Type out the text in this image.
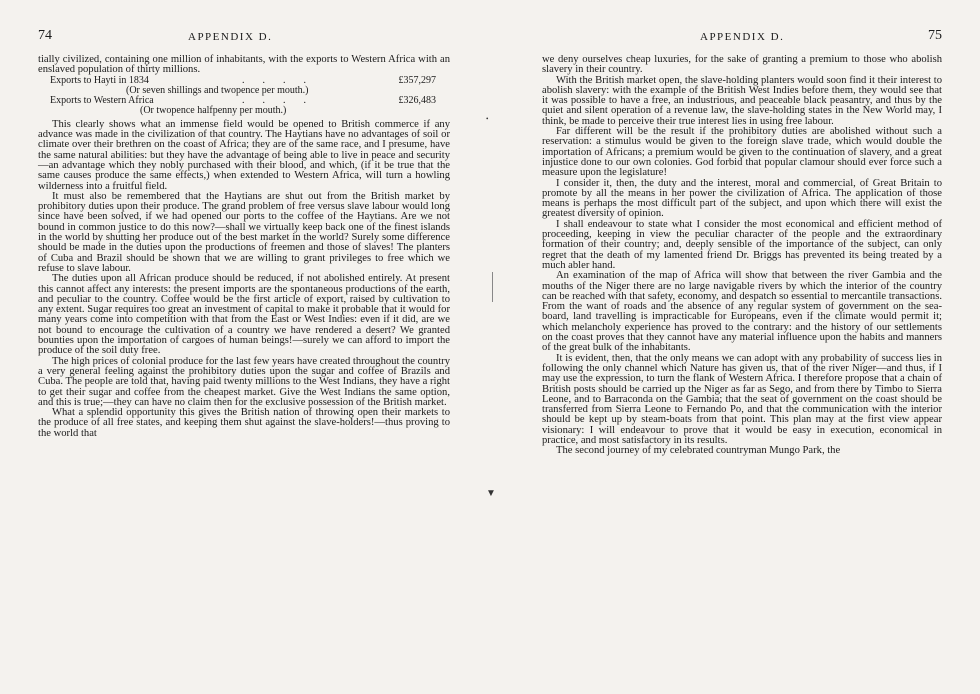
74	APPENDIX D.

tially civilized, containing one million of inhabitants, with the exports to Western Africa with an enslaved population of thirty millions.

Exports to Hayti in 1834	....	£357,297
(Or seven shillings and twopence per mouth.)
Exports to Western Africa	....	£326,483
(Or twopence halfpenny per mouth.)

This clearly shows what an immense field would be opened to British commerce if any advance was made in the civilization of that country. The Haytians have no advantages of soil or climate over their brethren on the coast of Africa; they are of the same race, and I presume, have the same natural abilities: but they have the advantage of being able to live in peace and security—an advantage which they nobly purchased with their blood, and which, (if it be true that the same causes produce the same effects,) when extended to Western Africa, will turn a howling wilderness into a fruitful field.

It must also be remembered that the Haytians are shut out from the British market by prohibitory duties upon their produce. The grand problem of free versus slave labour would long since have been solved, if we had opened our ports to the coffee of the Haytians. Are we not bound in common justice to do this now?—shall we virtually keep back one of the finest islands in the world by shutting her produce out of the best market in the world? Surely some difference should be made in the duties upon the productions of freemen and those of slaves! The planters of Cuba and Brazil should be shown that we are willing to grant privileges to free which we refuse to slave labour.

The duties upon all African produce should be reduced, if not abolished entirely. At present this cannot affect any interests: the present imports are the spontaneous productions of the earth, and peculiar to the country. Coffee would be the first article of export, raised by cultivation to any extent. Sugar requires too great an investment of capital to make it probable that it would for many years come into competition with that from the East or West Indies: even if it did, are we not bound to encourage the cultivation of a country we have rendered a desert? We granted bounties upon the importation of cargoes of human beings!—surely we can afford to import the produce of the soil duty free.

The high prices of colonial produce for the last few years have created throughout the country a very general feeling against the prohibitory duties upon the sugar and coffee of Brazils and Cuba. The people are told that, having paid twenty millions to the West Indians, they have a right to get their sugar and coffee from the cheapest market. Give the West Indians the same option, and this is true;—they can have no claim then for the exclusive possession of the British market.

What a splendid opportunity this gives the British nation of throwing open their markets to the produce of all free states, and keeping them shut against the slave-holders!—thus proving to the world that

▼
•
APPENDIX D.	75

we deny ourselves cheap luxuries, for the sake of granting a premium to those who abolish slavery in their country.

With the British market open, the slave-holding planters would soon find it their interest to abolish slavery: with the example of the British West Indies before them, they would see that it was possible to have a free, an industrious, and peaceable black peasantry, and thus by the quiet and silent operation of a revenue law, the slave-holding states in the New World may, I think, be made to perceive their true interest lies in using free labour.

Far different will be the result if the prohibitory duties are abolished without such a reservation: a stimulus would be given to the foreign slave trade, which would double the importation of Africans; a premium would be given to the continuation of slavery, and a great injustice done to our own colonies. God forbid that popular clamour should ever force such a measure upon the legislature!

I consider it, then, the duty and the interest, moral and commercial, of Great Britain to promote by all the means in her power the civilization of Africa. The application of those means is perhaps the most difficult part of the subject, and upon which there will exist the greatest diversity of opinion.

I shall endeavour to state what I consider the most economical and efficient method of proceeding, keeping in view the peculiar character of the people and the extraordinary formation of their country; and, deeply sensible of the importance of the subject, can only regret that the death of my lamented friend Dr. Briggs has prevented its being treated by a much abler hand.

An examination of the map of Africa will show that between the river Gambia and the mouths of the Niger there are no large navigable rivers by which the interior of the country can be reached with that safety, economy, and despatch so essential to mercantile transactions. From the want of roads and the absence of any regular system of government on the sea-board, land travelling is impracticable for Europeans, even if the climate would permit it; which melancholy experience has proved to the contrary: and the history of our settlements on the coast proves that they cannot have any material influence upon the habits and manners of the great bulk of the inhabitants.

It is evident, then, that the only means we can adopt with any probability of success lies in following the only channel which Nature has given us, that of the river Niger—and thus, if I may use the expression, to turn the flank of Western Africa. I therefore propose that a chain of British posts should be carried up the Niger as far as Sego, and from there by Timbo to Sierra Leone, and to Barraconda on the Gambia; that the seat of government on the coast should be transferred from Sierra Leone to Fernando Po, and that the communication with the interior should be kept up by steam-boats from that point. This plan may at the first view appear visionary: I will endeavour to prove that it would be easy in execution, economical in practice, and most satisfactory in its results.

The second journey of my celebrated countryman Mungo Park, the
